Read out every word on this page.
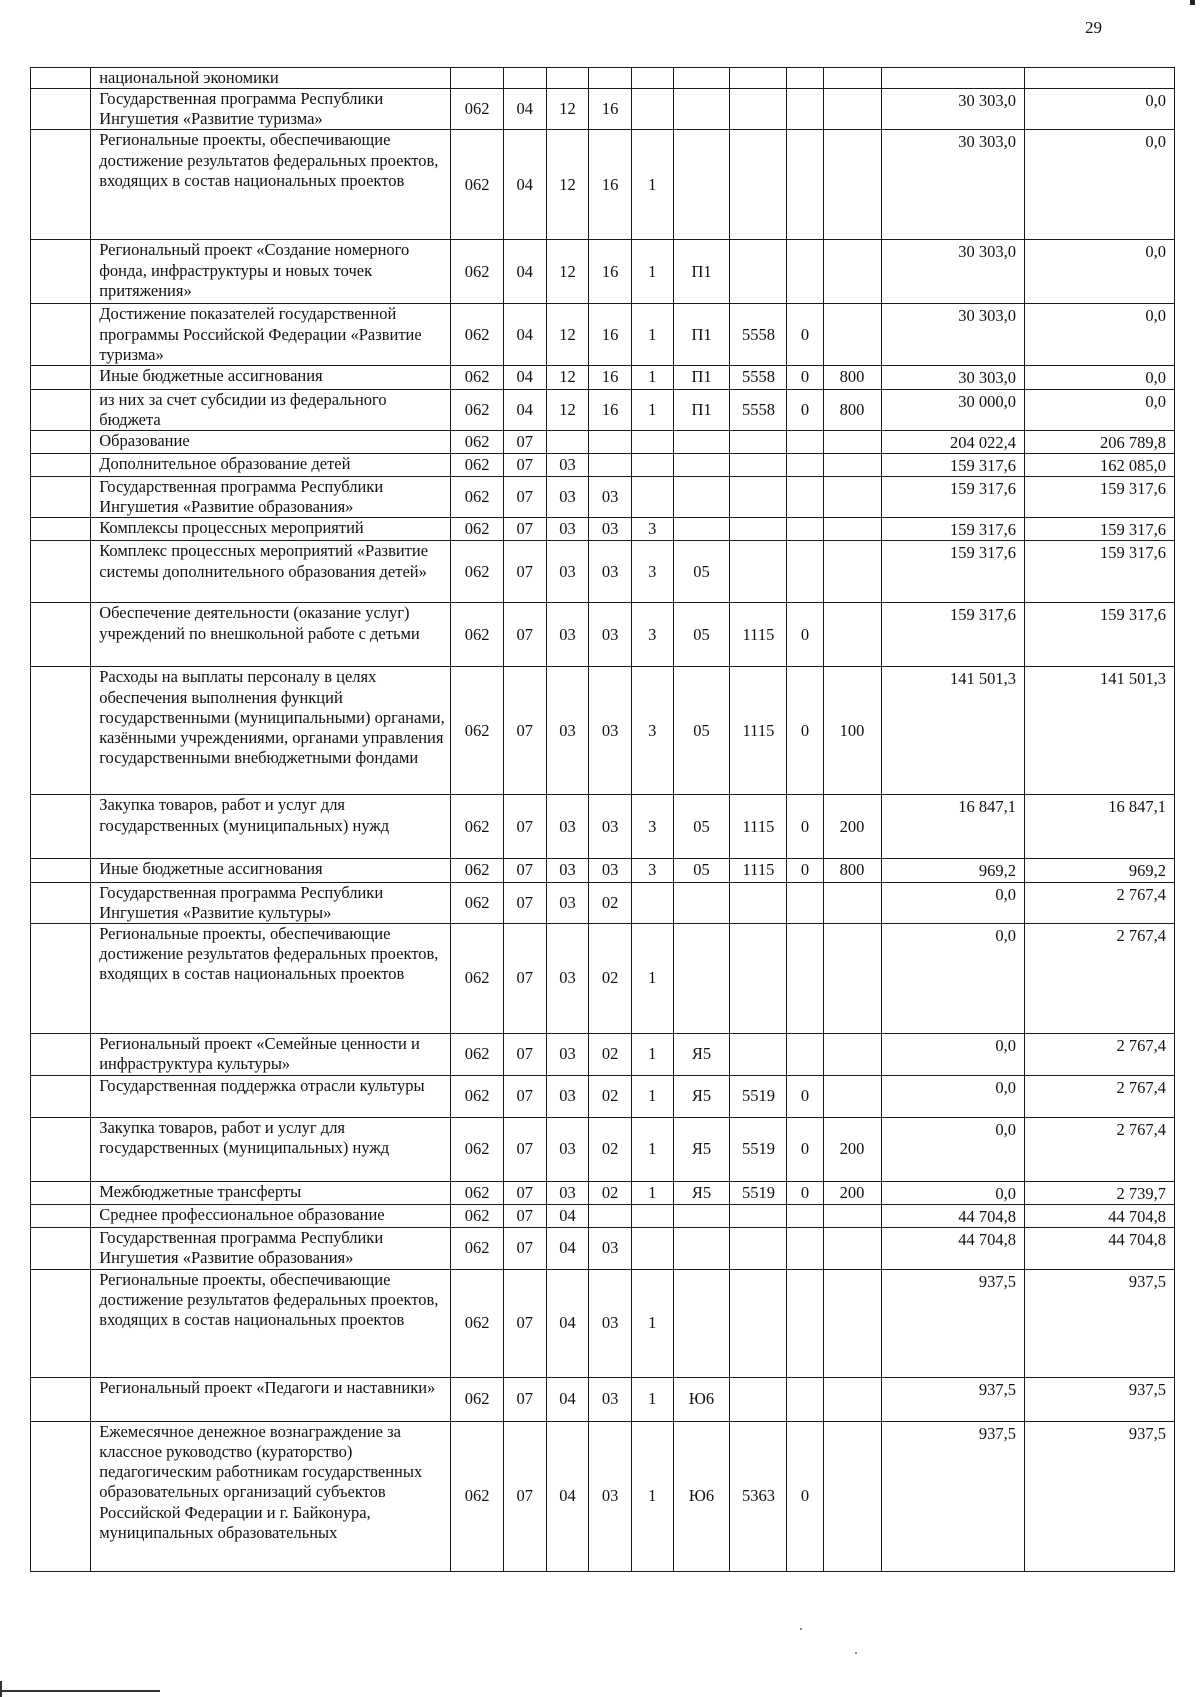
29
	национальной экономики											
	Государственная программа Республики Ингушетия «Развитие туризма»	062	04	12	16						30 303,0	0,0
	Региональные проекты, обеспечивающие достижение результатов федеральных проектов, входящих в состав национальных проектов	062	04	12	16	1					30 303,0	0,0
	Региональный проект «Создание номерного фонда, инфраструктуры и новых точек притяжения»	062	04	12	16	1	П1				30 303,0	0,0
	Достижение показателей государственной программы Российской Федерации «Развитие туризма»	062	04	12	16	1	П1	5558	0		30 303,0	0,0
	Иные бюджетные ассигнования	062	04	12	16	1	П1	5558	0	800	30 303,0	0,0
	из них за счет субсидии из федерального бюджета	062	04	12	16	1	П1	5558	0	800	30 000,0	0,0
	Образование	062	07								204 022,4	206 789,8
	Дополнительное образование детей	062	07	03							159 317,6	162 085,0
	Государственная программа Республики Ингушетия «Развитие образования»	062	07	03	03						159 317,6	159 317,6
	Комплексы процессных мероприятий	062	07	03	03	3					159 317,6	159 317,6
	Комплекс процессных мероприятий «Развитие системы дополнительного образования детей»	062	07	03	03	3	05				159 317,6	159 317,6
	Обеспечение деятельности (оказание услуг) учреждений по внешкольной работе с детьми	062	07	03	03	3	05	1115	0		159 317,6	159 317,6
	Расходы на выплаты персоналу в целях обеспечения выполнения функций государственными (муниципальными) органами, казёнными учреждениями, органами управления государственными внебюджетными фондами	062	07	03	03	3	05	1115	0	100	141 501,3	141 501,3
	Закупка товаров, работ и услуг для государственных (муниципальных) нужд	062	07	03	03	3	05	1115	0	200	16 847,1	16 847,1
	Иные бюджетные ассигнования	062	07	03	03	3	05	1115	0	800	969,2	969,2
	Государственная программа Республики Ингушетия «Развитие культуры»	062	07	03	02						0,0	2 767,4
	Региональные проекты, обеспечивающие достижение результатов федеральных проектов, входящих в состав национальных проектов	062	07	03	02	1					0,0	2 767,4
	Региональный проект «Семейные ценности и инфраструктура культуры»	062	07	03	02	1	Я5				0,0	2 767,4
	Государственная поддержка отрасли культуры	062	07	03	02	1	Я5	5519	0		0,0	2 767,4
	Закупка товаров, работ и услуг для государственных (муниципальных) нужд	062	07	03	02	1	Я5	5519	0	200	0,0	2 767,4
	Межбюджетные трансферты	062	07	03	02	1	Я5	5519	0	200	0,0	2 739,7
	Среднее профессиональное образование	062	07	04							44 704,8	44 704,8
	Государственная программа Республики Ингушетия «Развитие образования»	062	07	04	03						44 704,8	44 704,8
	Региональные проекты, обеспечивающие достижение результатов федеральных проектов, входящих в состав национальных проектов	062	07	04	03	1					937,5	937,5
	Региональный проект «Педагоги и наставники»	062	07	04	03	1	Ю6				937,5	937,5
	Ежемесячное денежное вознаграждение за классное руководство (кураторство) педагогическим работникам государственных образовательных организаций субъектов Российской Федерации и г. Байконура, муниципальных образовательных	062	07	04	03	1	Ю6	5363	0		937,5	937,5
